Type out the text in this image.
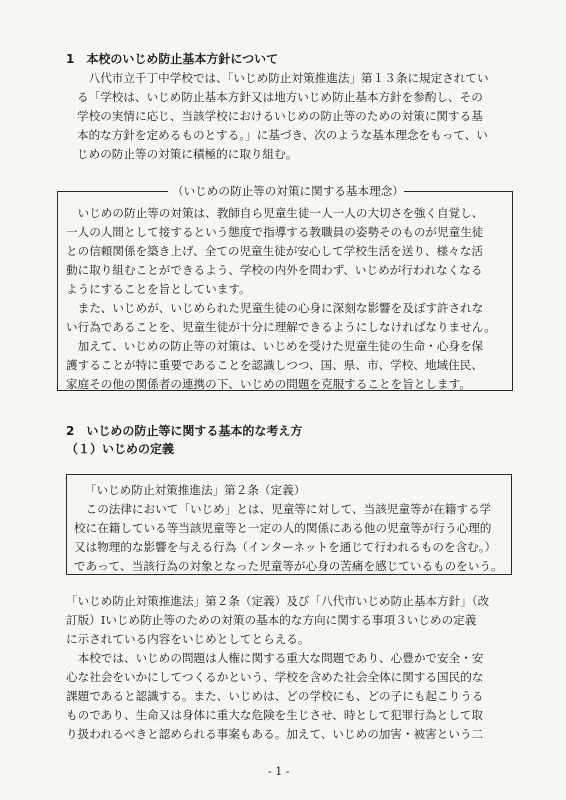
1　本校のいじめ防止基本方針について
　八代市立千丁中学校では、「いじめ防止対策推進法」第１３条に規定されてい
る「学校は、いじめ防止基本方針又は地方いじめ防止基本方針を参酌し、その
学校の実情に応じ、当該学校におけるいじめの防止等のための対策に関する基
本的な方針を定めるものとする。」に基づき、次のような基本理念をもって、い
じめの防止等の対策に積極的に取り組む。
（いじめの防止等の対策に関する基本理念）
　いじめの防止等の対策は、教師自ら児童生徒一人一人の大切さを強く自覚し、
一人の人間として接するという態度で指導する教職員の姿勢そのものが児童生徒
との信頼関係を築き上げ、全ての児童生徒が安心して学校生活を送り、様々な活
動に取り組むことができるよう、学校の内外を問わず、いじめが行われなくなる
ようにすることを旨としています。
　また、いじめが、いじめられた児童生徒の心身に深刻な影響を及ぼす許されな
い行為であることを、児童生徒が十分に理解できるようにしなければなりません。
　加えて、いじめの防止等の対策は、いじめを受けた児童生徒の生命・心身を保
護することが特に重要であることを認識しつつ、国、県、市、学校、地域住民、
家庭その他の関係者の連携の下、いじめの問題を克服することを旨とします。
2　いじめの防止等に関する基本的な考え方
（１）いじめの定義
「いじめ防止対策推進法」第２条（定義）
　この法律において「いじめ」とは、児童等に対して、当該児童等が在籍する学
校に在籍している等当該児童等と一定の人的関係にある他の児童等が行う心理的
又は物理的な影響を与える行為（インターネットを通じて行われるものを含む。）
であって、当該行為の対象となった児童等が心身の苦痛を感じているものをいう。
「いじめ防止対策推進法」第２条（定義）及び「八代市いじめ防止基本方針」（改
訂版）Ⅰいじめ防止等のための対策の基本的な方向に関する事項３いじめの定義
に示されている内容をいじめとしてとらえる。
　本校では、いじめの問題は人権に関する重大な問題であり、心豊かで安全・安
心な社会をいかにしてつくるかという、学校を含めた社会全体に関する国民的な
課題であると認識する。また、いじめは、どの学校にも、どの子にも起こりうる
ものであり、生命又は身体に重大な危険を生じさせ、時として犯罪行為として取
り扱われるべきと認められる事案もある。加えて、いじめの加害・被害という二
- 1 -
